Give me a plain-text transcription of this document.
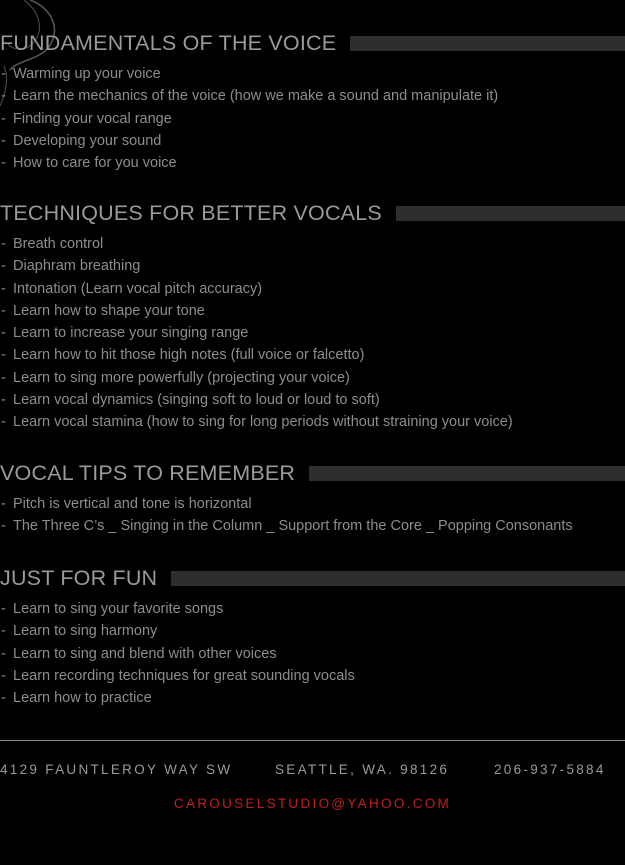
FUNDAMENTALS OF THE VOICE
- Warming up your voice
- Learn the mechanics of the voice (how we make a sound and manipulate it)
- Finding your vocal range
- Developing your sound
- How to care for you voice
TECHNIQUES FOR BETTER VOCALS
- Breath control
- Diaphram breathing
- Intonation (Learn vocal pitch accuracy)
- Learn how to shape your tone
- Learn to increase your singing range
- Learn how to hit those high notes (full voice or falcetto)
- Learn to sing more powerfully (projecting your voice)
- Learn vocal dynamics (singing soft to loud or loud to soft)
- Learn vocal stamina (how to sing for long periods without straining your voice)
VOCAL TIPS TO REMEMBER
- Pitch is vertical and tone is horizontal
- The Three C’s _ Singing in the Column _ Support from the Core _ Popping Consonants
JUST FOR FUN
- Learn to sing your favorite songs
- Learn to sing harmony
- Learn to sing and blend with other voices
- Learn recording techniques for great sounding vocals
- Learn how to practice
4129 FAUNTLEROY WAY SW	SEATTLE, WA. 98126	206-937-5884
CAROUSELSTUDIO@YAHOO.COM
